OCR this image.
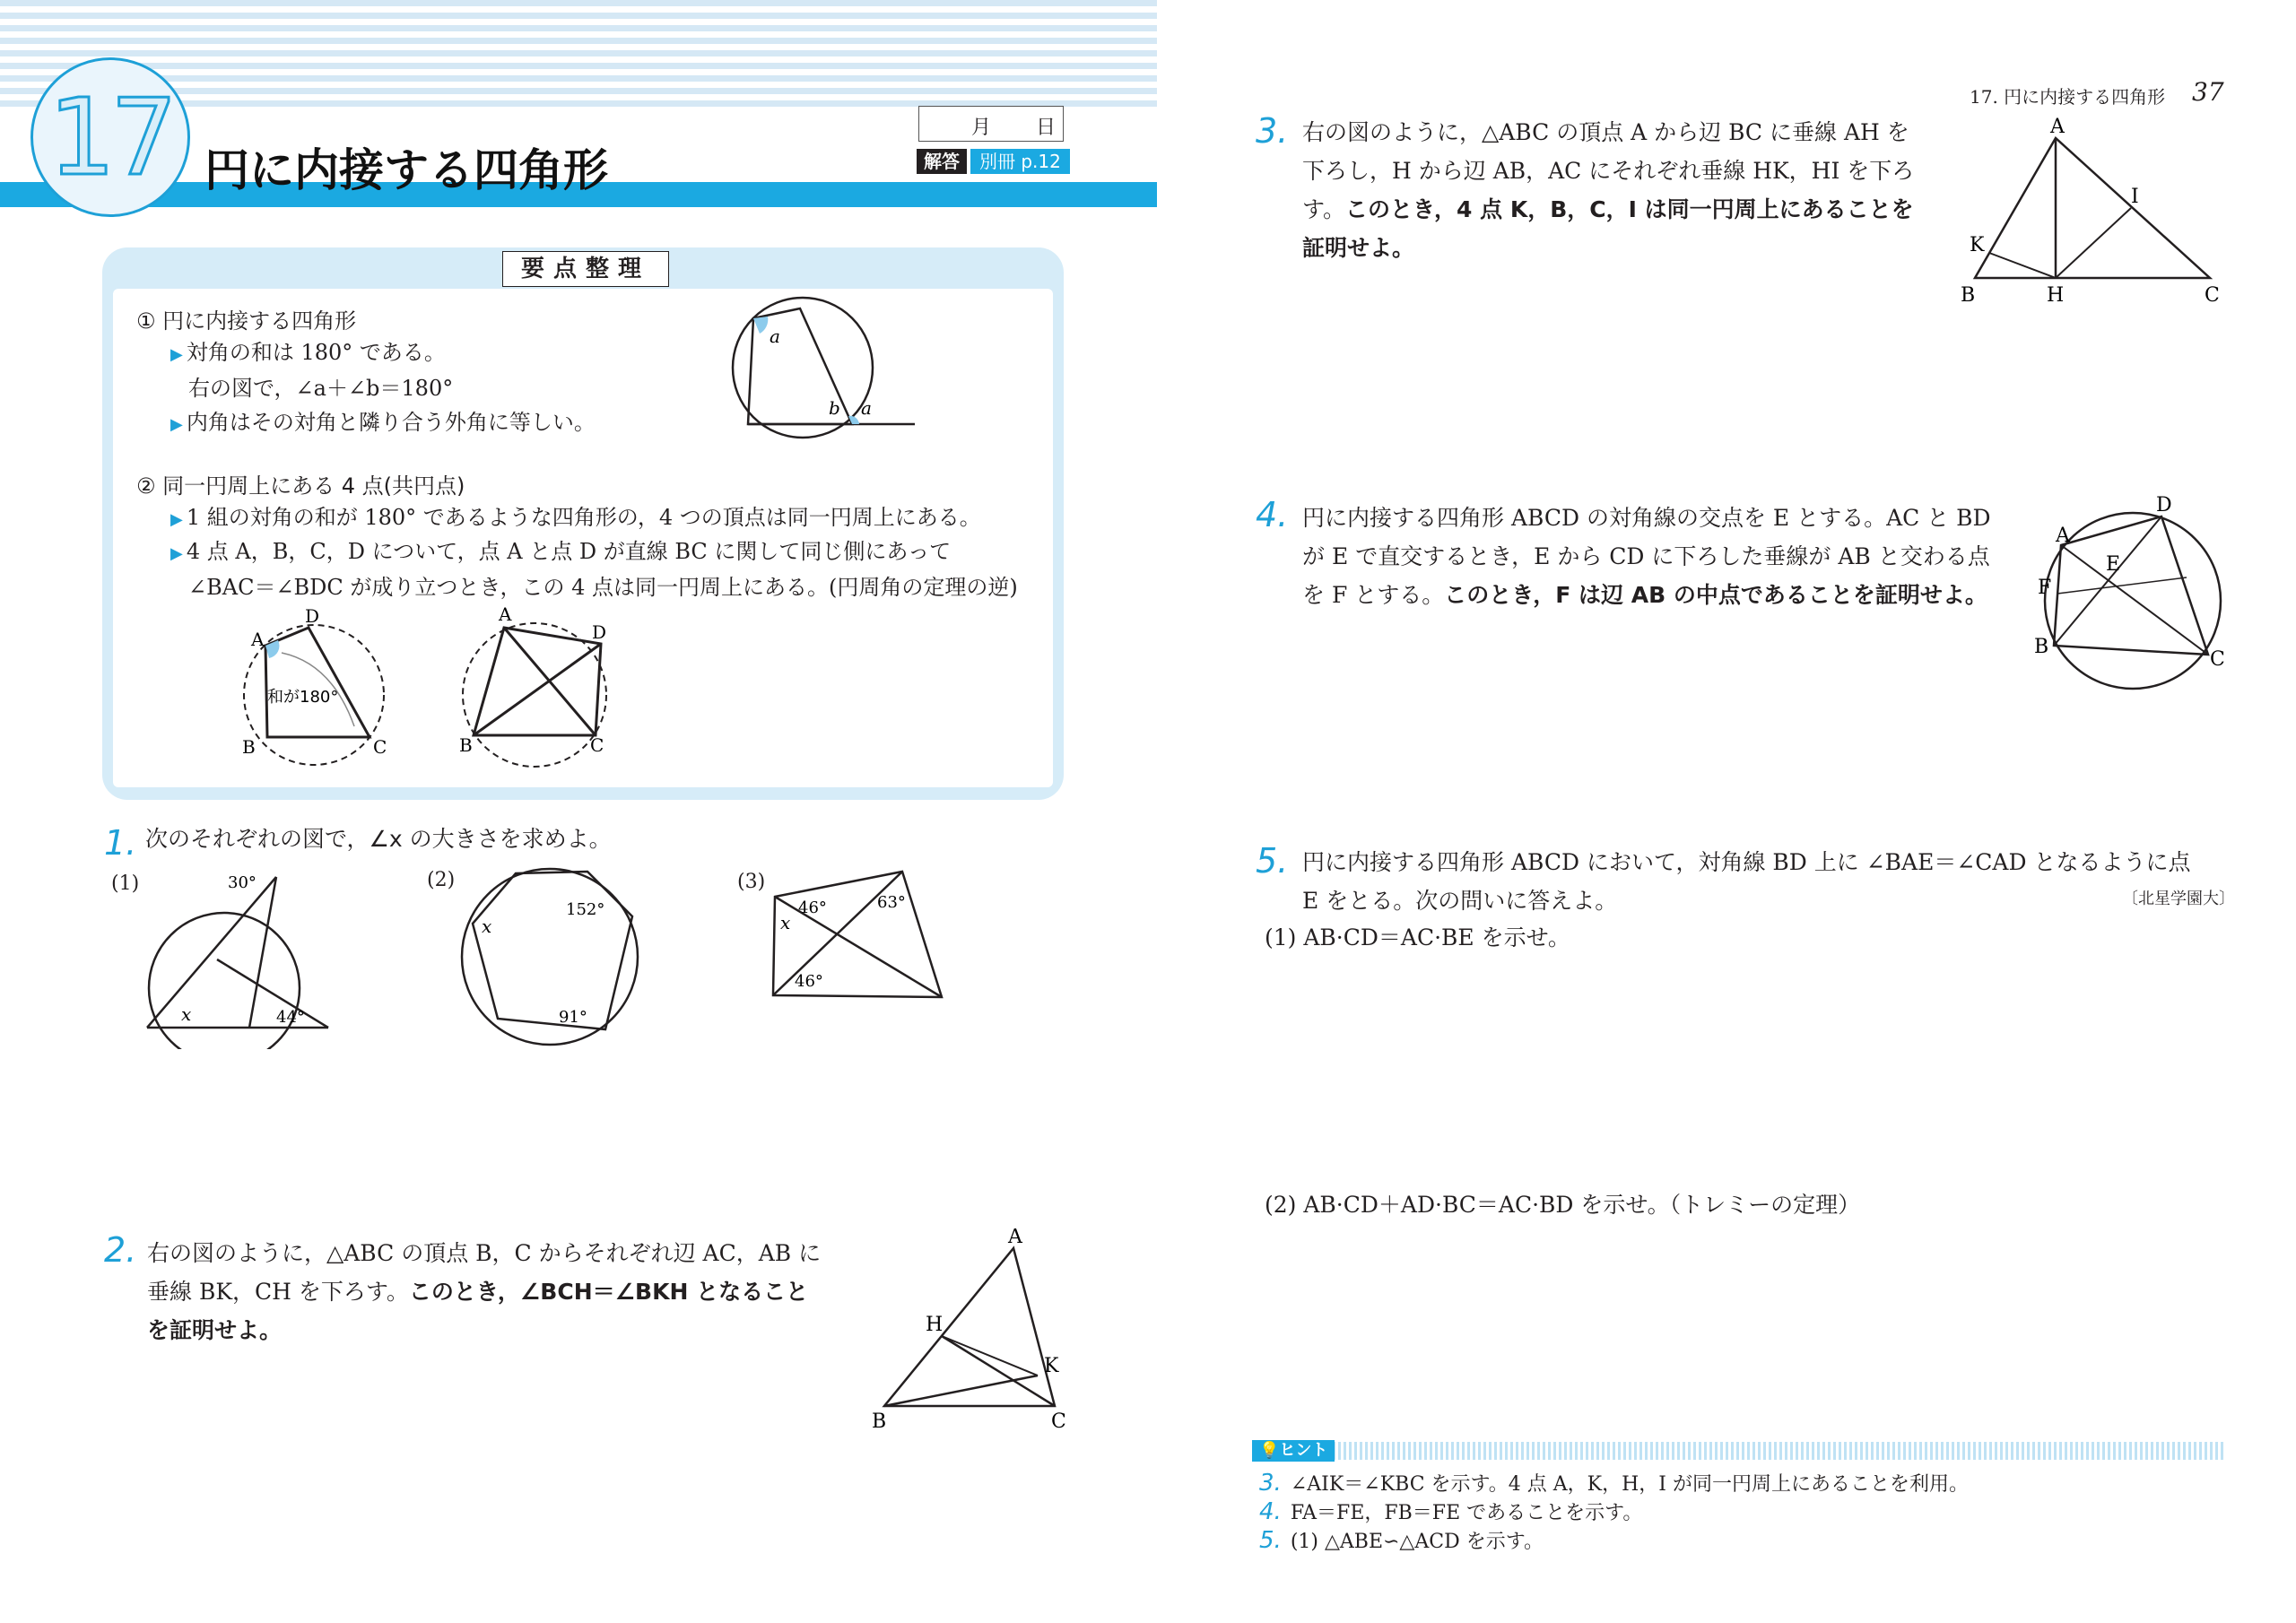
17 円に内接する四角形
月 日
解答	別冊 p.12
要点整理
① 円に内接する四角形
▶ 対角の和は 180° である。
右の図で，∠a＋∠b＝180°
▶ 内角はその対角と隣り合う外角に等しい。
② 同一円周上にある 4 点(共円点)
▶ 1 組の対角の和が 180° であるような四角形の，4 つの頂点は同一円周上にある。
▶ 4 点 A，B，C，D について，点 A と点 D が直線 BC に関して同じ側にあって
∠BAC＝∠BDC が成り立つとき，この 4 点は同一円周上にある。(円周角の定理の逆)
a
b a
A
D
B	C
和が180°
A
D
B	C
1. 次のそれぞれの図で，∠x の大きさを求めよ。
(1)	(2)	(3)
30°
44°
x
x
152°
91°
46°	63°
x
46°
2. 右の図のように，△ABC の頂点 B，C からそれぞれ辺 AC，AB に
垂線 BK，CH を下ろす。このとき，∠BCH＝∠BKH となること
を証明せよ。
A
H
K
B	C
17. 円に内接する四角形 37
3. 右の図のように，△ABC の頂点 A から辺 BC に垂線 AH を
下ろし，H から辺 AB，AC にそれぞれ垂線 HK，HI を下ろ
す。このとき，4 点 K，B，C，I は同一円周上にあることを
証明せよ。
A
K
I
B	H	C
4. 円に内接する四角形 ABCD の対角線の交点を E とする。AC と BD
が E で直交するとき，E から CD に下ろした垂線が AB と交わる点
を F とする。このとき，F は辺 AB の中点であることを証明せよ。
A
D
E
F
B
C
5. 円に内接する四角形 ABCD において，対角線 BD 上に ∠BAE＝∠CAD となるように点
E をとる。次の問いに答えよ。	〔北星学園大〕
(1) AB·CD＝AC·BE を示せ。
(2) AB·CD＋AD·BC＝AC·BD を示せ。（トレミーの定理）
💡ヒント
3. ∠AIK＝∠KBC を示す。4 点 A，K，H，I が同一円周上にあることを利用。
4. FA＝FE，FB＝FE であることを示す。
5. (1) △ABE∽△ACD を示す。
